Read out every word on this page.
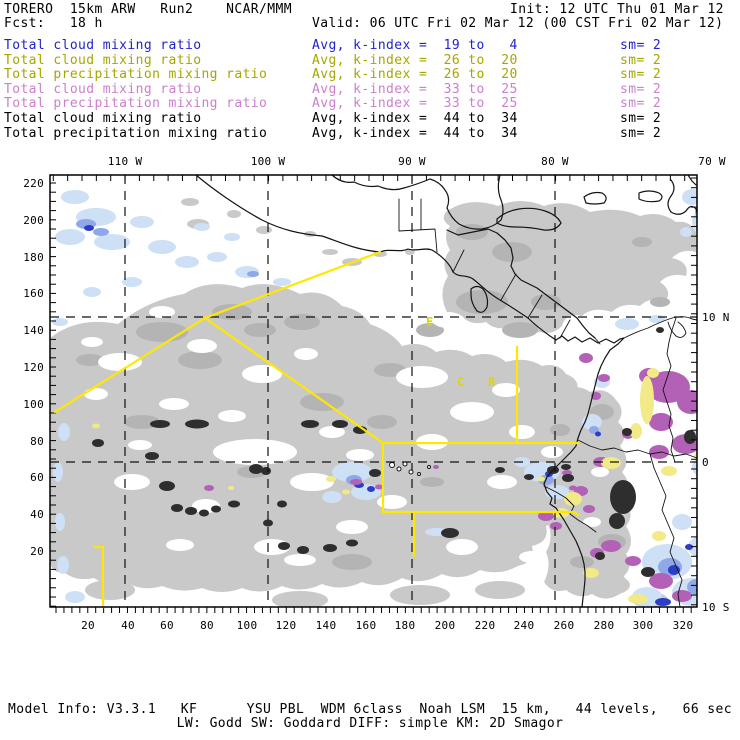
TORERO  15km ARW   Run2    NCAR/MMM	Init: 12 UTC Thu 01 Mar 12
Fcst:   18 h	Valid: 06 UTC Fri 02 Mar 12 (00 CST Fri 02 Mar 12)
Total cloud mixing ratio	Avg, k-index =  19 to   4	sm= 2
Total cloud mixing ratio	Avg, k-index =  26 to  20	sm= 2
Total precipitation mixing ratio	Avg, k-index =  26 to  20	sm= 2
Total cloud mixing ratio	Avg, k-index =  33 to  25	sm= 2
Total precipitation mixing ratio	Avg, k-index =  33 to  25	sm= 2
Total cloud mixing ratio	Avg, k-index =  44 to  34	sm= 2
Total precipitation mixing ratio	Avg, k-index =  44 to  34	sm= 2
110 W	100 W	90 W	80 W	70 W
20 40 60 80 100 120 140 160 180 200 220 240 260 280 300 320
220
200
180
160
140
120
100
80
60
40
20
10 N
0
10 S
E
C R
Model Info: V3.3.1   KF      YSU PBL  WDM 6class  Noah LSM  15 km,   44 levels,   66 sec
LW: Godd SW: Goddard DIFF: simple KM: 2D Smagor
